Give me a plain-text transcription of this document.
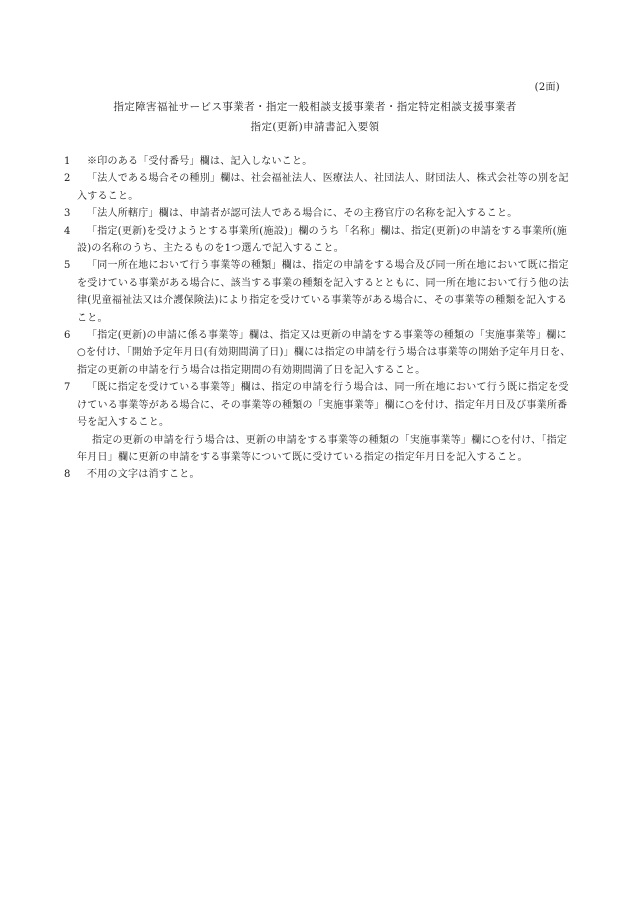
(2面)
指定障害福祉サービス事業者・指定一般相談支援事業者・指定特定相談支援事業者
指定(更新)申請書記入要領
1	※印のある「受付番号」欄は、記入しないこと。
2	「法人である場合その種別」欄は、社会福祉法人、医療法人、社団法人、財団法人、株式会社等の別を記入すること。
3	「法人所轄庁」欄は、申請者が認可法人である場合に、その主務官庁の名称を記入すること。
4	「指定(更新)を受けようとする事業所(施設)」欄のうち「名称」欄は、指定(更新)の申請をする事業所(施設)の名称のうち、主たるものを1つ選んで記入すること。
5	「同一所在地において行う事業等の種類」欄は、指定の申請をする場合及び同一所在地において既に指定を受けている事業がある場合に、該当する事業の種類を記入するとともに、同一所在地において行う他の法律(児童福祉法又は介護保険法)により指定を受けている事業等がある場合に、その事業等の種類を記入すること。
6	「指定(更新)の申請に係る事業等」欄は、指定又は更新の申請をする事業等の種類の「実施事業等」欄に○を付け、「開始予定年月日(有効期間満了日)」欄には指定の申請を行う場合は事業等の開始予定年月日を、指定の更新の申請を行う場合は指定期間の有効期間満了日を記入すること。
7	「既に指定を受けている事業等」欄は、指定の申請を行う場合は、同一所在地において行う既に指定を受けている事業等がある場合に、その事業等の種類の「実施事業等」欄に○を付け、指定年月日及び事業所番号を記入すること。
指定の更新の申請を行う場合は、更新の申請をする事業等の種類の「実施事業等」欄に○を付け、「指定年月日」欄に更新の申請をする事業等について既に受けている指定の指定年月日を記入すること。
8	不用の文字は消すこと。
